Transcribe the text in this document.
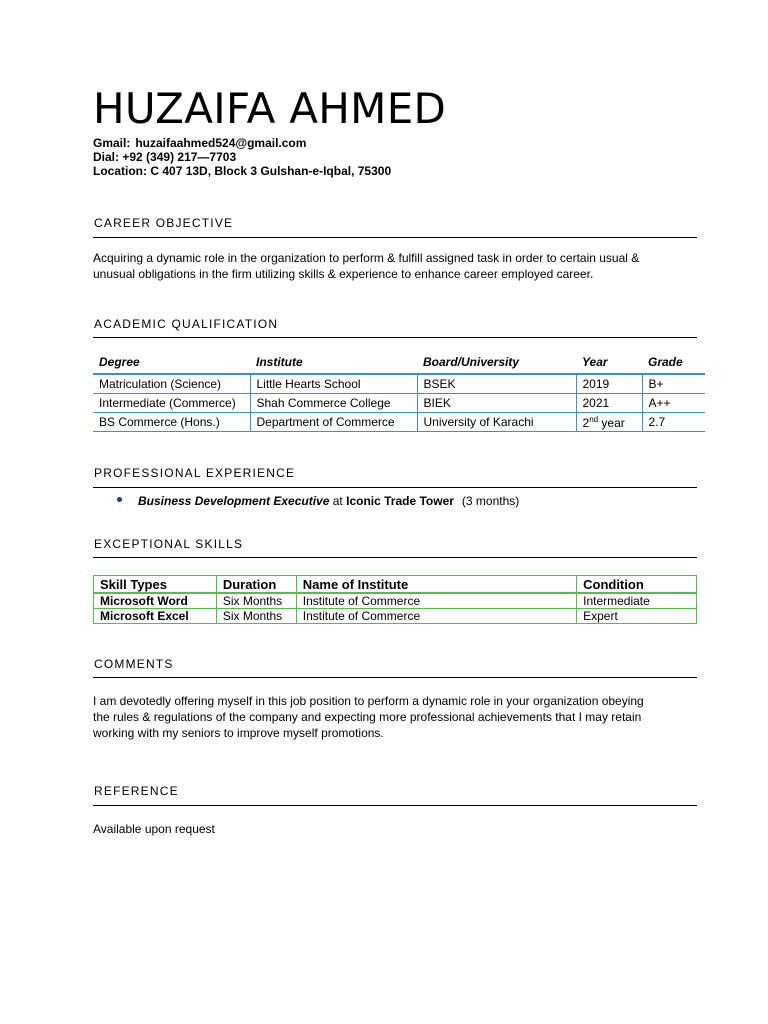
HUZAIFA AHMED
Gmail: huzaifaahmed524@gmail.com
Dial: +92 (349) 217—7703
Location: C 407 13D, Block 3 Gulshan-e-Iqbal, 75300
CAREER OBJECTIVE
Acquiring a dynamic role in the organization to perform & fulfill assigned task in order to certain usual &
unusual obligations in the firm utilizing skills & experience to enhance career employed career.
ACADEMIC QUALIFICATION
Degree	Institute	Board/University	Year	Grade
Matriculation (Science)	Little Hearts School	BSEK	2019	B+
Intermediate (Commerce)	Shah Commerce College	BIEK	2021	A++
BS Commerce (Hons.)	Department of Commerce	University of Karachi	2nd year	2.7
PROFESSIONAL EXPERIENCE
Business Development Executive at Iconic Trade Tower (3 months)
EXCEPTIONAL SKILLS
Skill Types	Duration	Name of Institute	Condition
Microsoft Word	Six Months	Institute of Commerce	Intermediate
Microsoft Excel	Six Months	Institute of Commerce	Expert
COMMENTS
I am devotedly offering myself in this job position to perform a dynamic role in your organization obeying
the rules & regulations of the company and expecting more professional achievements that I may retain
working with my seniors to improve myself promotions.
REFERENCE
Available upon request
